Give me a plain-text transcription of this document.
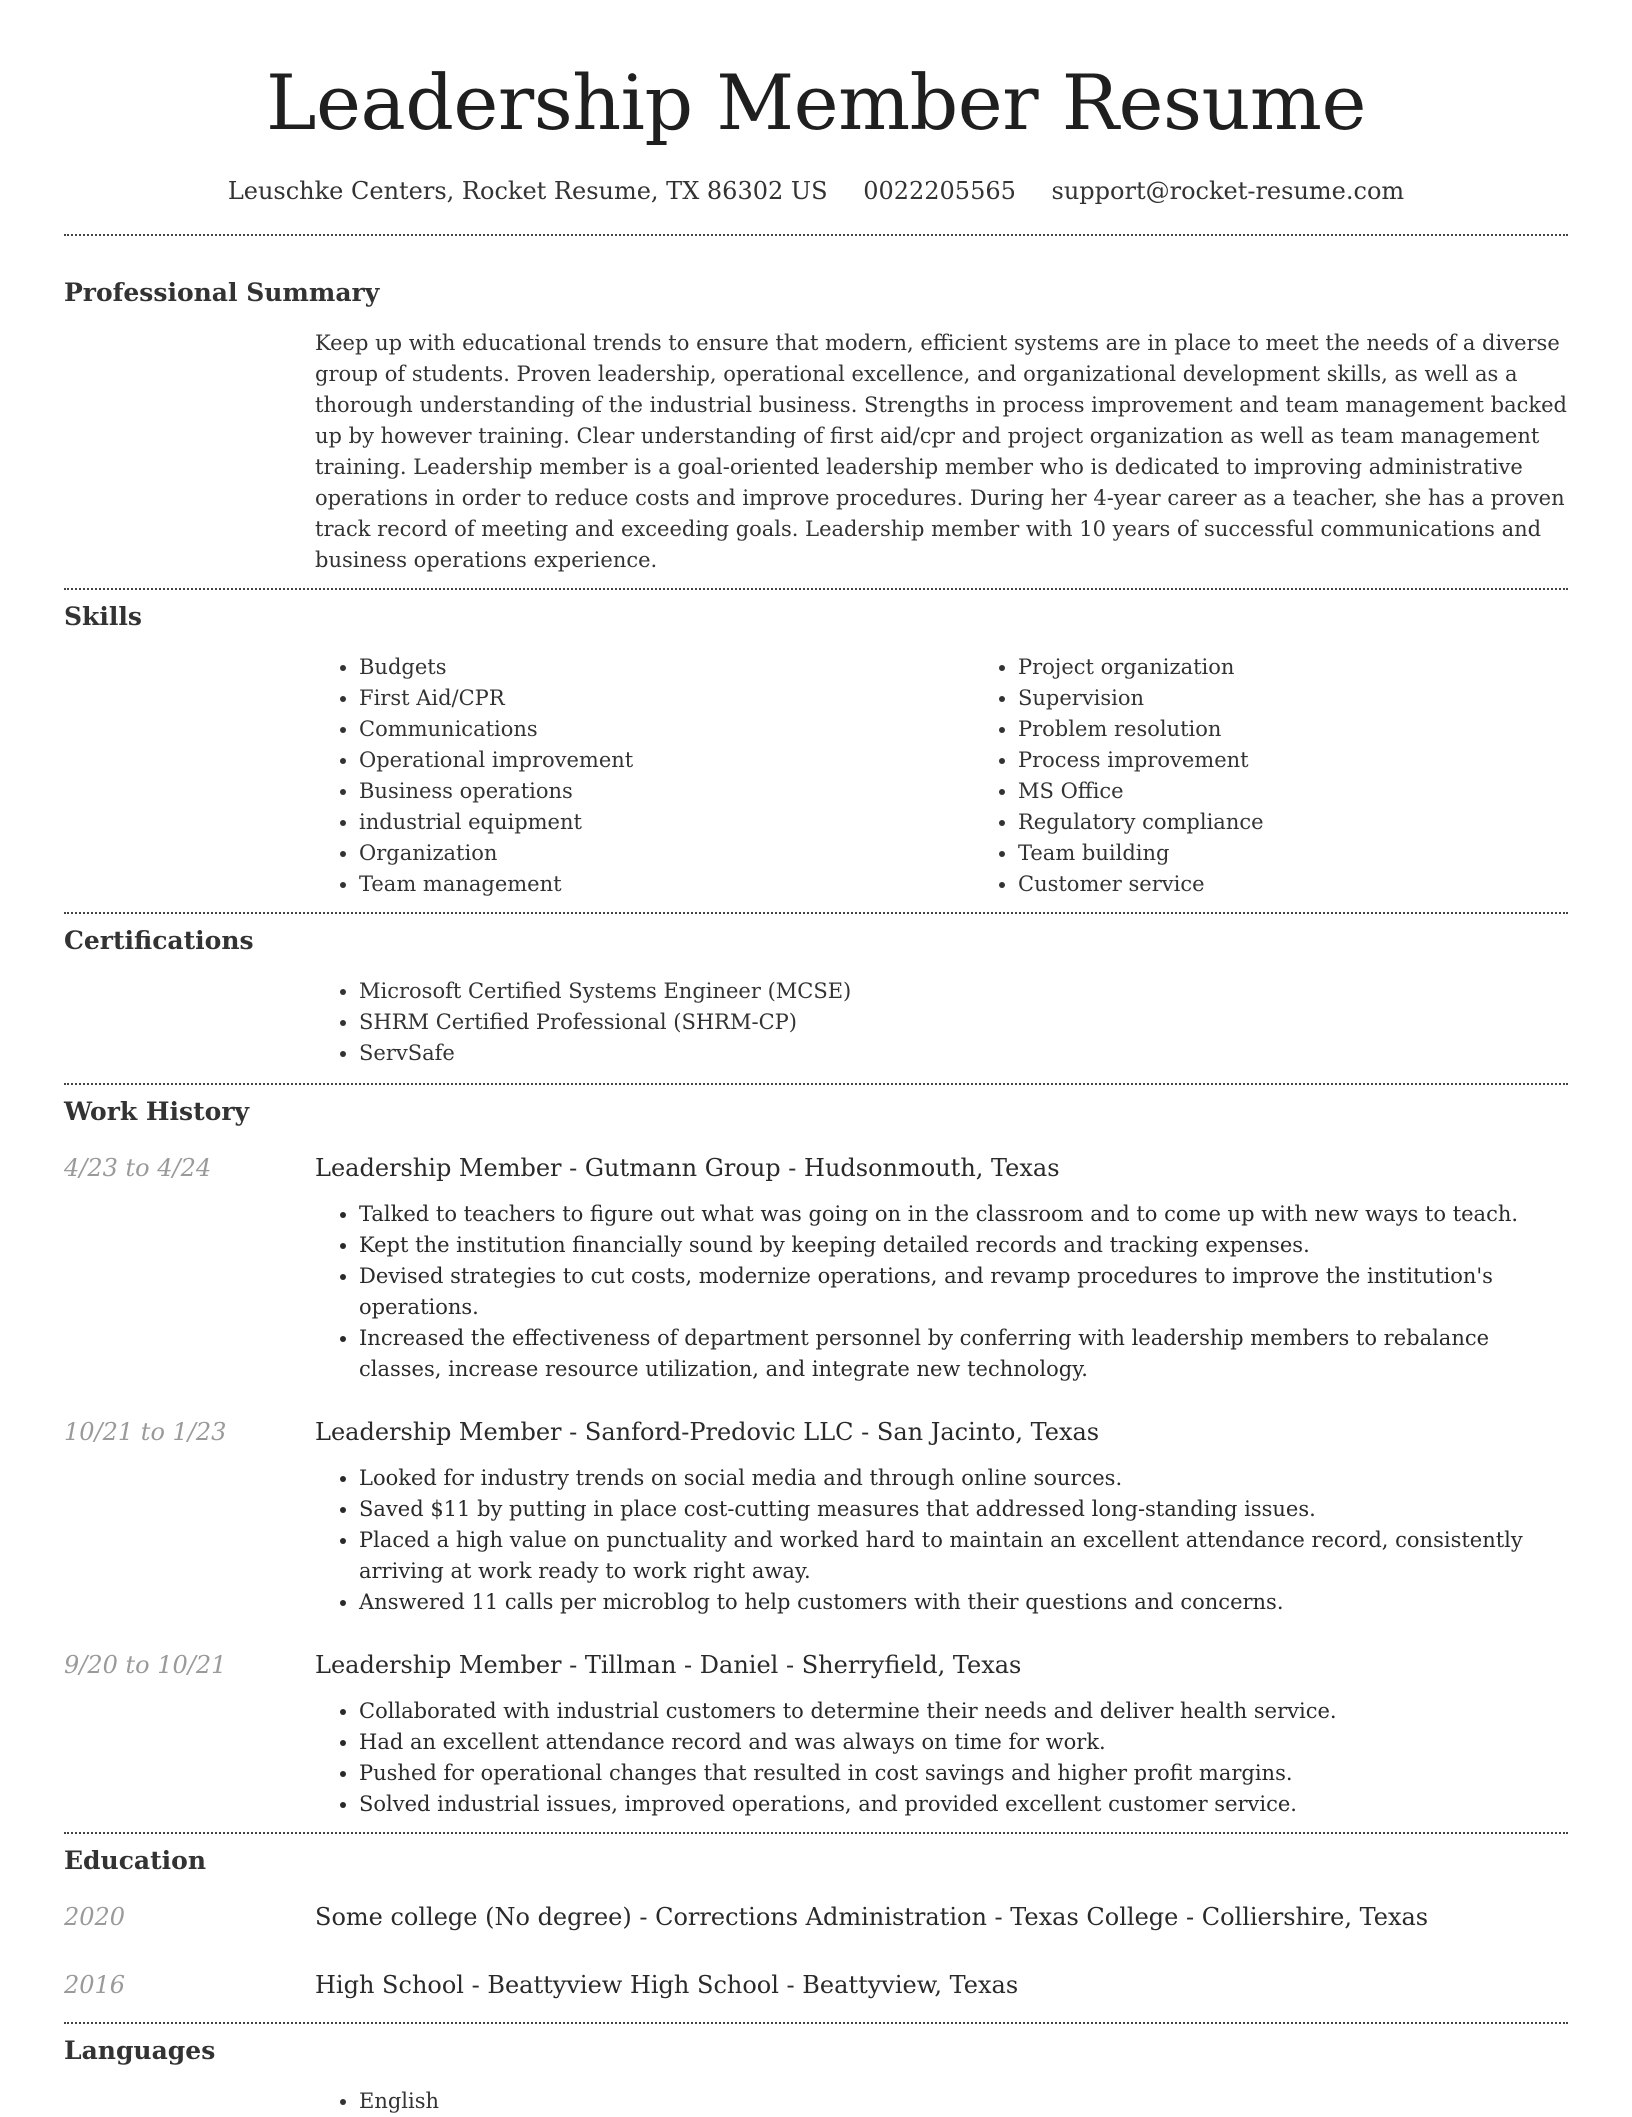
Leadership Member Resume
Leuschke Centers, Rocket Resume, TX 86302 US 0022205565 support@rocket-resume.com
Professional Summary

Keep up with educational trends to ensure that modern, efficient systems are in place to meet the needs of a diverse group of students. Proven leadership, operational excellence, and organizational development skills, as well as a thorough understanding of the industrial business. Strengths in process improvement and team management backed up by however training. Clear understanding of first aid/cpr and project organization as well as team management training. Leadership member is a goal-oriented leadership member who is dedicated to improving administrative operations in order to reduce costs and improve procedures. During her 4-year career as a teacher, she has a proven track record of meeting and exceeding goals. Leadership member with 10 years of successful communications and business operations experience.

Skills
• Budgets
• First Aid/CPR
• Communications
• Operational improvement
• Business operations
• industrial equipment
• Organization
• Team management
• Project organization
• Supervision
• Problem resolution
• Process improvement
• MS Office
• Regulatory compliance
• Team building
• Customer service
Certifications
• Microsoft Certified Systems Engineer (MCSE)
• SHRM Certified Professional (SHRM-CP)
• ServSafe
Work History
4/23 to 4/24	Leadership Member - Gutmann Group - Hudsonmouth, Texas
• Talked to teachers to figure out what was going on in the classroom and to come up with new ways to teach.
• Kept the institution financially sound by keeping detailed records and tracking expenses.
• Devised strategies to cut costs, modernize operations, and revamp procedures to improve the institution's operations.
• Increased the effectiveness of department personnel by conferring with leadership members to rebalance classes, increase resource utilization, and integrate new technology.
10/21 to 1/23	Leadership Member - Sanford-Predovic LLC - San Jacinto, Texas
• Looked for industry trends on social media and through online sources.
• Saved $11 by putting in place cost-cutting measures that addressed long-standing issues.
• Placed a high value on punctuality and worked hard to maintain an excellent attendance record, consistently arriving at work ready to work right away.
• Answered 11 calls per microblog to help customers with their questions and concerns.
9/20 to 10/21	Leadership Member - Tillman - Daniel - Sherryfield, Texas
• Collaborated with industrial customers to determine their needs and deliver health service.
• Had an excellent attendance record and was always on time for work.
• Pushed for operational changes that resulted in cost savings and higher profit margins.
• Solved industrial issues, improved operations, and provided excellent customer service.
Education
2020	Some college (No degree) - Corrections Administration - Texas College - Colliershire, Texas
2016	High School - Beattyview High School - Beattyview, Texas
Languages
• English
